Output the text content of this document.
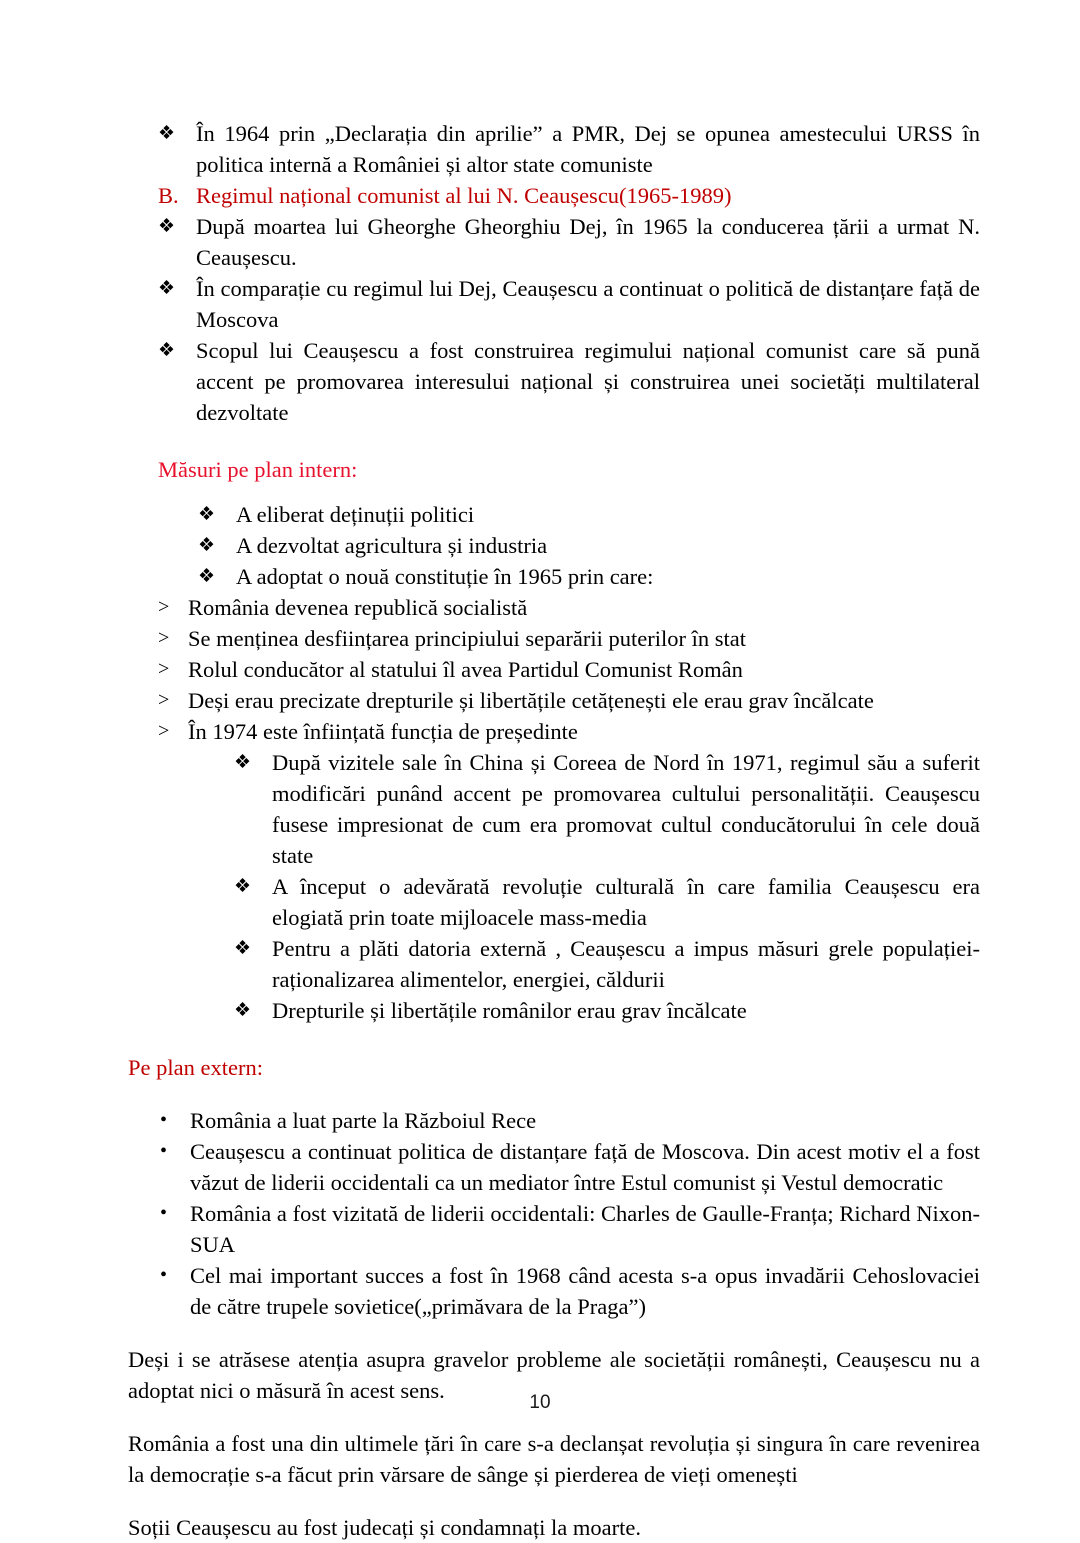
❖ În 1964 prin „Declarația din aprilie” a PMR, Dej se opunea amestecului URSS în politica internă a României și altor state comuniste
B. Regimul național comunist al lui N. Ceaușescu(1965-1989)
❖ După moartea lui Gheorghe Gheorghiu Dej, în 1965 la conducerea țării a urmat N. Ceaușescu.
❖ În comparație cu regimul lui Dej, Ceaușescu a continuat o politică de distanțare față de Moscova
❖ Scopul lui Ceaușescu a fost construirea regimului național comunist care să pună accent pe promovarea interesului național și construirea unei societăți multilateral dezvoltate
Măsuri pe plan intern:
❖ A eliberat deținuții politici
❖ A dezvoltat agricultura și industria
❖ A adoptat o nouă constituție în 1965 prin care:
> România devenea republică socialistă
> Se menținea desființarea principiului separării puterilor în stat
> Rolul conducător al statului îl avea Partidul Comunist Român
> Deși erau precizate drepturile și libertățile cetățenești ele erau grav încălcate
> În 1974 este înființată funcția de președinte
❖ După vizitele sale în China și Coreea de Nord în 1971, regimul său a suferit modificări punând accent pe promovarea cultului personalității. Ceaușescu fusese impresionat de cum era promovat cultul conducătorului în cele două state
❖ A început o adevărată revoluție culturală în care familia Ceaușescu era elogiată prin toate mijloacele mass-media
❖ Pentru a plăti datoria externă , Ceaușescu a impus măsuri grele populației-raționalizarea alimentelor, energiei, căldurii
❖ Drepturile și libertățile românilor erau grav încălcate
Pe plan extern:
• România a luat parte la Războiul Rece
• Ceaușescu a continuat politica de distanțare față de Moscova. Din acest motiv el a fost văzut de liderii occidentali ca un mediator între Estul comunist și Vestul democratic
• România a fost vizitată de liderii occidentali: Charles de Gaulle-Franța; Richard Nixon-SUA
• Cel mai important succes a fost în 1968 când acesta s-a opus invadării Cehoslovaciei de către trupele sovietice(„primăvara de la Praga”)

Deși i se atrăsese atenția asupra gravelor probleme ale societății românești, Ceaușescu nu a adoptat nici o măsură în acest sens.

România a fost una din ultimele țări în care s-a declanșat revoluția și singura în care revenirea la democrație s-a făcut prin vărsare de sânge și pierderea de vieți omenești

Soții Ceaușescu au fost judecați și condamnați la moarte.

10
